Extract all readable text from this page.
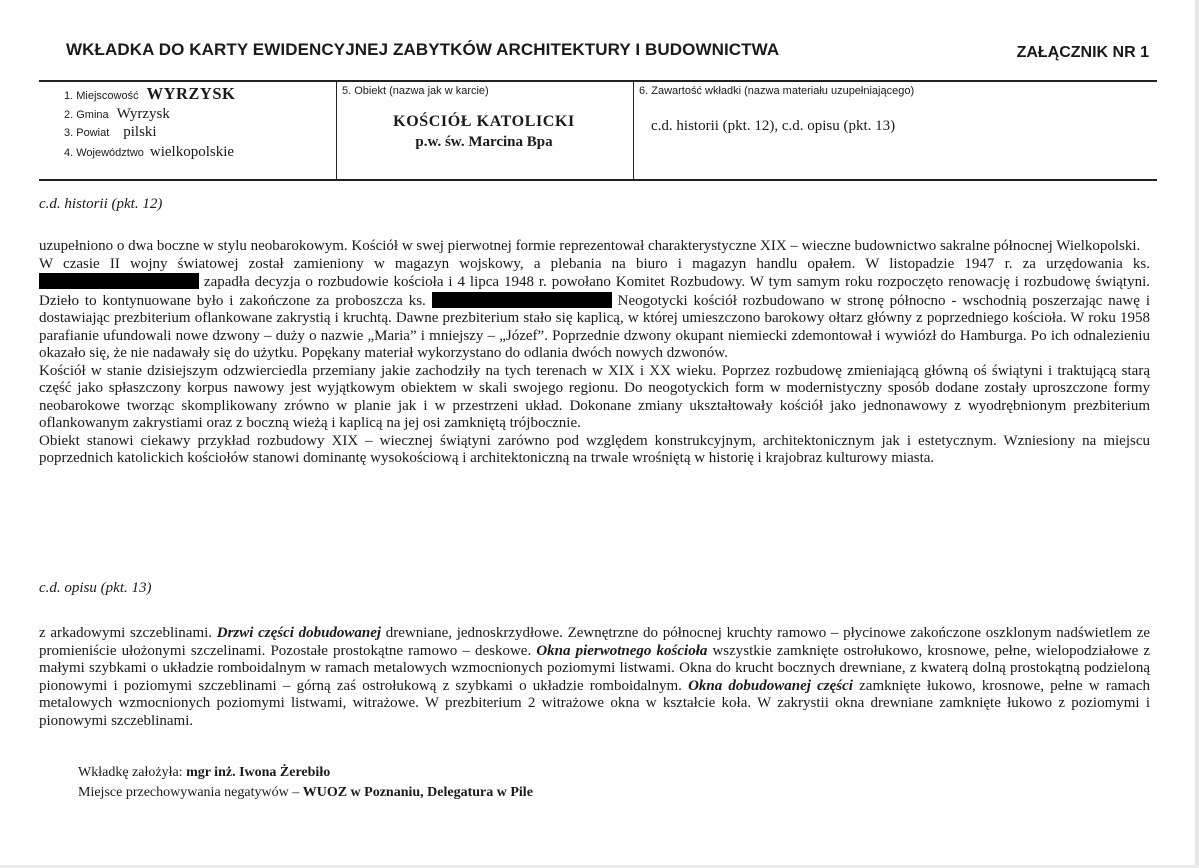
WKŁADKA DO KARTY EWIDENCYJNEJ ZABYTKÓW ARCHITEKTURY I BUDOWNICTWA	ZAŁĄCZNIK NR 1
1. Miejscowość WYRZYSK
2. Gmina Wyrzysk
3. Powiat pilski
4. Województwo wielkopolskie
5. Obiekt (nazwa jak w karcie)
KOŚCIÓŁ KATOLICKI
p.w. św. Marcina Bpa
6. Zawartość wkładki (nazwa materiału uzupełniającego)
c.d. historii (pkt. 12), c.d. opisu (pkt. 13)
c.d. historii (pkt. 12)

uzupełniono o dwa boczne w stylu neobarokowym. Kościół w swej pierwotnej formie reprezentował charakterystyczne XIX – wieczne budownictwo sakralne północnej Wielkopolski.

W czasie II wojny światowej został zamieniony w magazyn wojskowy, a plebania na biuro i magazyn handlu opałem. W listopadzie 1947 r. za urzędowania ks.  zapadła decyzja o rozbudowie kościoła i 4 lipca 1948 r. powołano Komitet Rozbudowy. W tym samym roku rozpoczęto renowację i rozbudowę świątyni. Dzieło to kontynuowane było i zakończone za proboszcza ks.	Neogotycki kościół rozbudowano w stronę północno - wschodnią poszerzając nawę i dostawiając prezbiterium oflankowane zakrystią i kruchtą. Dawne prezbiterium stało się kaplicą, w której umieszczono barokowy ołtarz główny z poprzedniego kościoła. W roku 1958 parafianie ufundowali nowe dzwony – duży o nazwie „Maria” i mniejszy – „Józef”. Poprzednie dzwony okupant niemiecki zdemontował i wywiózł do Hamburga. Po ich odnalezieniu okazało się, że nie nadawały się do użytku. Popękany materiał wykorzystano do odlania dwóch nowych dzwonów.

Kościół w stanie dzisiejszym odzwierciedla przemiany jakie zachodziły na tych terenach w XIX i XX wieku. Poprzez rozbudowę zmieniającą główną oś świątyni i traktującą starą część jako spłaszczony korpus nawowy jest wyjątkowym obiektem w skali swojego regionu. Do neogotyckich form w modernistyczny sposób dodane zostały uproszczone formy neobarokowe tworząc skomplikowany zrówno w planie jak i w przestrzeni układ. Dokonane zmiany ukształtowały kościół jako jednonawowy z wyodrębnionym prezbiterium oflankowanym zakrystiami oraz z boczną wieżą i kaplicą na jej osi zamkniętą trójbocznie.

Obiekt stanowi ciekawy przykład rozbudowy XIX – wiecznej świątyni zarówno pod względem konstrukcyjnym, architektonicznym jak i estetycznym. Wzniesiony na miejscu poprzednich katolickich kościołów stanowi dominantę wysokościową i architektoniczną na trwale wrośniętą w historię i krajobraz kulturowy miasta.

c.d. opisu (pkt. 13)

z arkadowymi szczeblinami. Drzwi części dobudowanej drewniane, jednoskrzydłowe. Zewnętrzne do północnej kruchty ramowo – płycinowe zakończone oszklonym nadświetlem ze promieniście ułożonymi szczelinami. Pozostałe prostokątne ramowo – deskowe. Okna pierwotnego kościoła wszystkie zamknięte ostrołukowo, krosnowe, pełne, wielopodziałowe z małymi szybkami o układzie romboidalnym w ramach metalowych wzmocnionych poziomymi listwami. Okna do krucht bocznych drewniane, z kwaterą dolną prostokątną podzieloną pionowymi i poziomymi szczeblinami – górną zaś ostrołukową z szybkami o układzie romboidalnym. Okna dobudowanej części zamknięte łukowo, krosnowe, pełne w ramach metalowych wzmocnionych poziomymi listwami, witrażowe. W prezbiterium 2 witrażowe okna w kształcie koła. W zakrystii okna drewniane zamknięte łukowo z poziomymi i pionowymi szczeblinami.

Wkładkę założyła: mgr inż. Iwona Żerebiło
Miejsce przechowywania negatywów – WUOZ w Poznaniu, Delegatura w Pile
